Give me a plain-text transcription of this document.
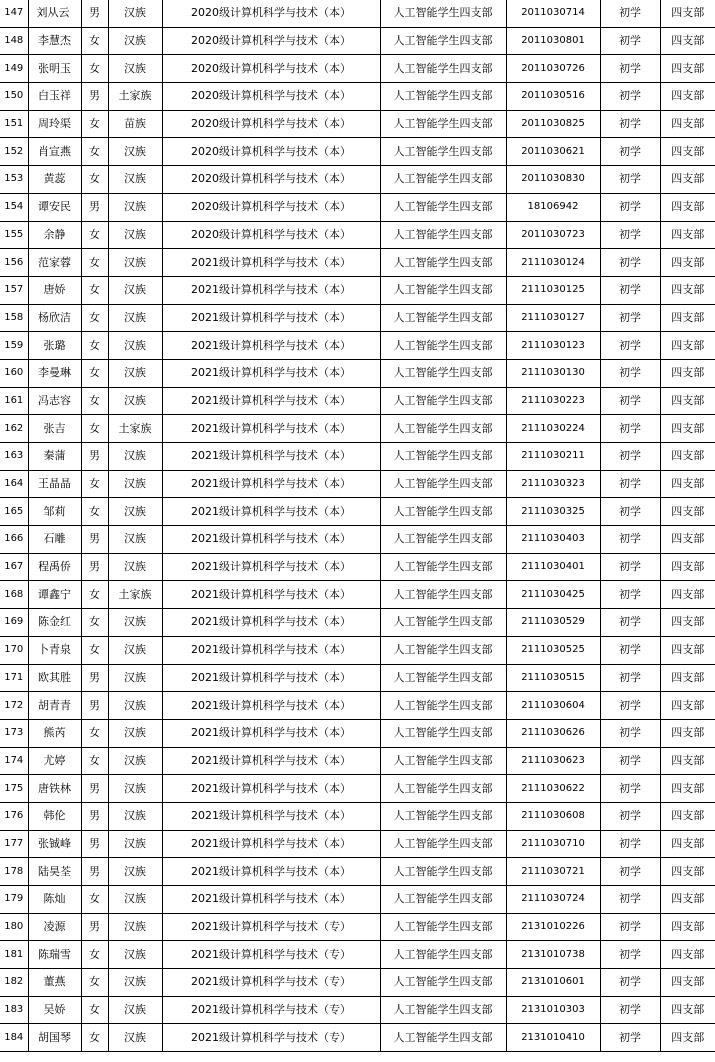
147	刘从云	男	汉族	2020级计算机科学与技术（本）	人工智能学生四支部	2011030714	初学	四支部
148	李慧杰	女	汉族	2020级计算机科学与技术（本）	人工智能学生四支部	2011030801	初学	四支部
149	张明玉	女	汉族	2020级计算机科学与技术（本）	人工智能学生四支部	2011030726	初学	四支部
150	白玉祥	男	土家族	2020级计算机科学与技术（本）	人工智能学生四支部	2011030516	初学	四支部
151	周玲渠	女	苗族	2020级计算机科学与技术（本）	人工智能学生四支部	2011030825	初学	四支部
152	肖宣燕	女	汉族	2020级计算机科学与技术（本）	人工智能学生四支部	2011030621	初学	四支部
153	黄蕊	女	汉族	2020级计算机科学与技术（本）	人工智能学生四支部	2011030830	初学	四支部
154	谭安民	男	汉族	2020级计算机科学与技术（本）	人工智能学生四支部	18106942	初学	四支部
155	余静	女	汉族	2020级计算机科学与技术（本）	人工智能学生四支部	2011030723	初学	四支部
156	范家蓉	女	汉族	2021级计算机科学与技术（本）	人工智能学生四支部	2111030124	初学	四支部
157	唐娇	女	汉族	2021级计算机科学与技术（本）	人工智能学生四支部	2111030125	初学	四支部
158	杨欣洁	女	汉族	2021级计算机科学与技术（本）	人工智能学生四支部	2111030127	初学	四支部
159	张璐	女	汉族	2021级计算机科学与技术（本）	人工智能学生四支部	2111030123	初学	四支部
160	李曼琳	女	汉族	2021级计算机科学与技术（本）	人工智能学生四支部	2111030130	初学	四支部
161	冯志容	女	汉族	2021级计算机科学与技术（本）	人工智能学生四支部	2111030223	初学	四支部
162	张吉	女	土家族	2021级计算机科学与技术（本）	人工智能学生四支部	2111030224	初学	四支部
163	秦蒲	男	汉族	2021级计算机科学与技术（本）	人工智能学生四支部	2111030211	初学	四支部
164	王晶晶	女	汉族	2021级计算机科学与技术（本）	人工智能学生四支部	2111030323	初学	四支部
165	邹莉	女	汉族	2021级计算机科学与技术（本）	人工智能学生四支部	2111030325	初学	四支部
166	石雕	男	汉族	2021级计算机科学与技术（本）	人工智能学生四支部	2111030403	初学	四支部
167	程禹侨	男	汉族	2021级计算机科学与技术（本）	人工智能学生四支部	2111030401	初学	四支部
168	谭鑫宁	女	土家族	2021级计算机科学与技术（本）	人工智能学生四支部	2111030425	初学	四支部
169	陈金红	女	汉族	2021级计算机科学与技术（本）	人工智能学生四支部	2111030529	初学	四支部
170	卜青泉	女	汉族	2021级计算机科学与技术（本）	人工智能学生四支部	2111030525	初学	四支部
171	欧其胜	男	汉族	2021级计算机科学与技术（本）	人工智能学生四支部	2111030515	初学	四支部
172	胡青青	男	汉族	2021级计算机科学与技术（本）	人工智能学生四支部	2111030604	初学	四支部
173	熊芮	女	汉族	2021级计算机科学与技术（本）	人工智能学生四支部	2111030626	初学	四支部
174	尤婷	女	汉族	2021级计算机科学与技术（本）	人工智能学生四支部	2111030623	初学	四支部
175	唐铁林	男	汉族	2021级计算机科学与技术（本）	人工智能学生四支部	2111030622	初学	四支部
176	韩伦	男	汉族	2021级计算机科学与技术（本）	人工智能学生四支部	2111030608	初学	四支部
177	张铖峰	男	汉族	2021级计算机科学与技术（本）	人工智能学生四支部	2111030710	初学	四支部
178	陆昊荃	男	汉族	2021级计算机科学与技术（本）	人工智能学生四支部	2111030721	初学	四支部
179	陈灿	女	汉族	2021级计算机科学与技术（本）	人工智能学生四支部	2111030724	初学	四支部
180	凌源	男	汉族	2021级计算机科学与技术（专）	人工智能学生四支部	2131010226	初学	四支部
181	陈瑞雪	女	汉族	2021级计算机科学与技术（专）	人工智能学生四支部	2131010738	初学	四支部
182	董燕	女	汉族	2021级计算机科学与技术（专）	人工智能学生四支部	2131010601	初学	四支部
183	吴娇	女	汉族	2021级计算机科学与技术（专）	人工智能学生四支部	2131010303	初学	四支部
184	胡国琴	女	汉族	2021级计算机科学与技术（专）	人工智能学生四支部	2131010410	初学	四支部
